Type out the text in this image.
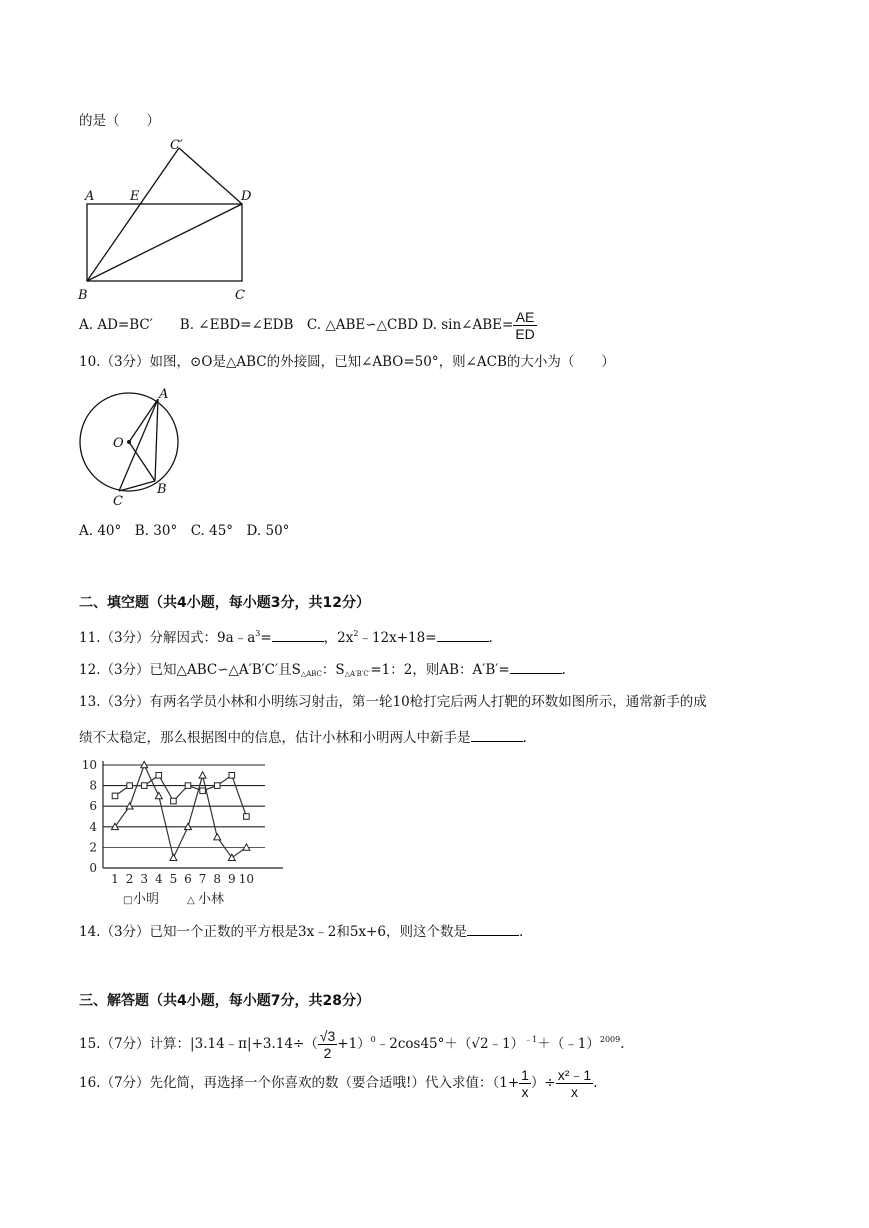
的是（　　）
C′
A	E	D
B	C
A. AD=BC′　　B. ∠EBD=∠EDB　C. △ABE∽△CBD D. sin∠ABE= $\frac{AE}{ED}$
10.（3分）如图，⊙O是△ABC的外接圆，已知∠ABO=50°，则∠ACB的大小为（　　）
A
O
C
B
A. 40°　B. 30°　C. 45°　D. 50°
二、填空题（共4小题，每小题3分，共12分）
11.（3分）分解因式：$9a﹣a^3=$	，$2x^2﹣12x+18=$	.
12.（3分）已知△ABC∽△A′B′C′且$S_{\triangle ABC}$：$S_{\triangle A'B'C'}=1$：2，则AB：A′B′=	.
13.（3分）有两名学员小林和小明练习射击，第一轮10枪打完后两人打靶的环数如图所示，通常新手的成
绩不太稳定，那么根据图中的信息，估计小林和小明两人中新手是	.
0
2
4
6
8
10
1 2 3 4 5 6 7 8 9 10
□ 小明	△ 小林
14.（3分）已知一个正数的平方根是3x﹣2和5x+6，则这个数是	.
三、解答题（共4小题，每小题7分，共28分）
15.（7分）计算：|3.14﹣π|+3.14÷（ $\frac{√3}{2}$ +1）$^0$﹣2cos45°＋（√2﹣1）$^{﹣1}$＋（﹣1）$^{2009}$.
16.（7分）先化简，再选择一个你喜欢的数（要合适哦!）代入求值：（$1+ \frac{1}{x}$ ）÷ $\frac{\text{x²﹣1}}{x}$ .
